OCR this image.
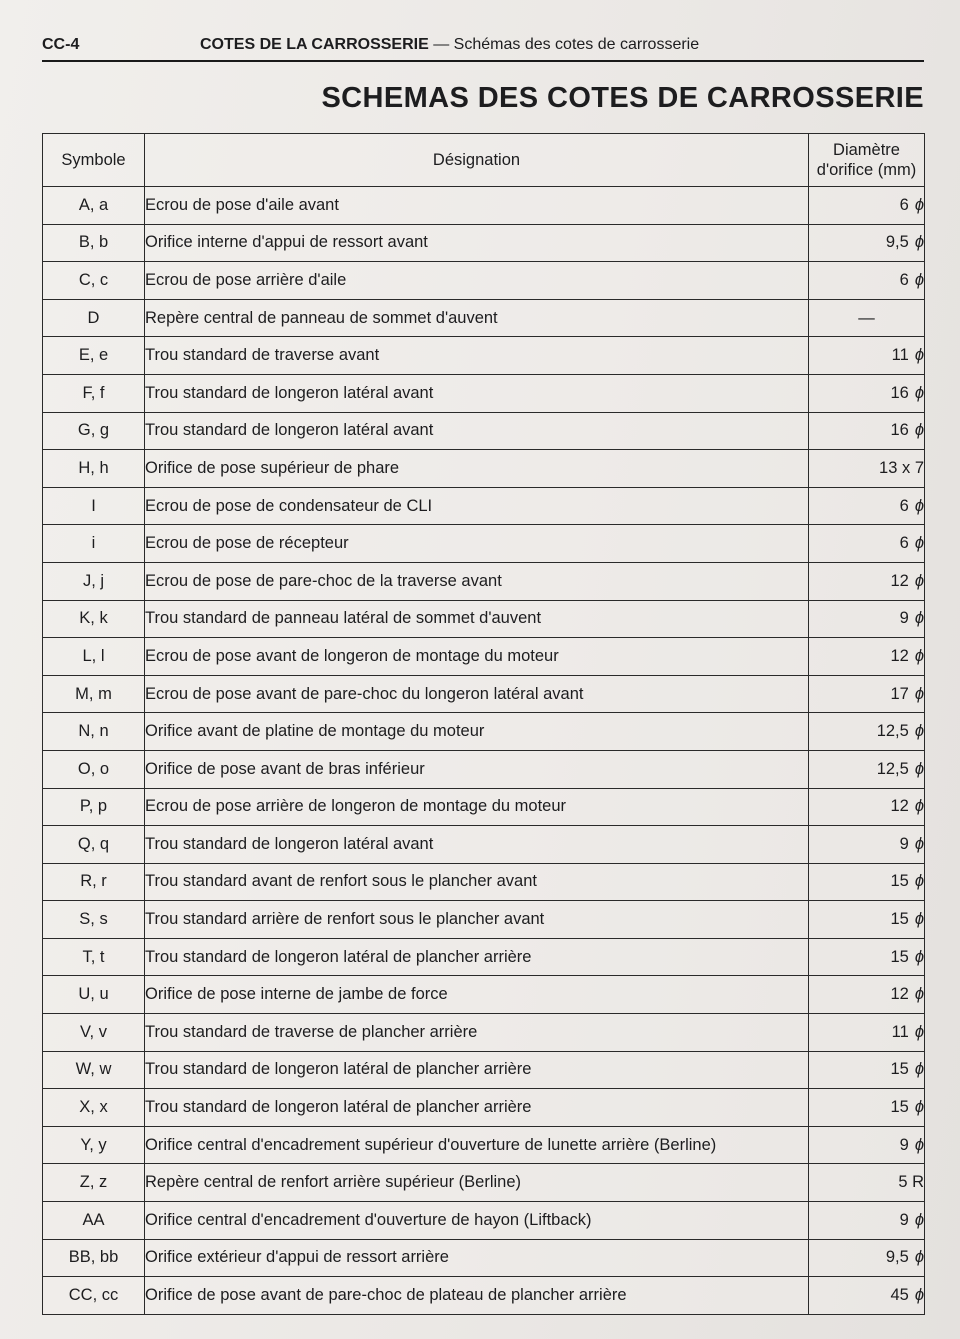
CC-4	COTES DE LA CARROSSERIE — Schémas des cotes de carrosserie
SCHEMAS DES COTES DE CARROSSERIE
Symbole	Désignation	Diamètre
d'orifice (mm)
A, a	Ecrou de pose d'aile avant	6 ϕ
B, b	Orifice interne d'appui de ressort avant	9,5 ϕ
C, c	Ecrou de pose arrière d'aile	6 ϕ
D	Repère central de panneau de sommet d'auvent	—
E, e	Trou standard de traverse avant	11 ϕ
F, f	Trou standard de longeron latéral avant	16 ϕ
G, g	Trou standard de longeron latéral avant	16 ϕ
H, h	Orifice de pose supérieur de phare	13 x 7
I	Ecrou de pose de condensateur de CLI	6 ϕ
i	Ecrou de pose de récepteur	6 ϕ
J, j	Ecrou de pose de pare-choc de la traverse avant	12 ϕ
K, k	Trou standard de panneau latéral de sommet d'auvent	9 ϕ
L, l	Ecrou de pose avant de longeron de montage du moteur	12 ϕ
M, m	Ecrou de pose avant de pare-choc du longeron latéral avant	17 ϕ
N, n	Orifice avant de platine de montage du moteur	12,5 ϕ
O, o	Orifice de pose avant de bras inférieur	12,5 ϕ
P, p	Ecrou de pose arrière de longeron de montage du moteur	12 ϕ
Q, q	Trou standard de longeron latéral avant	9 ϕ
R, r	Trou standard avant de renfort sous le plancher avant	15 ϕ
S, s	Trou standard arrière de renfort sous le plancher avant	15 ϕ
T, t	Trou standard de longeron latéral de plancher arrière	15 ϕ
U, u	Orifice de pose interne de jambe de force	12 ϕ
V, v	Trou standard de traverse de plancher arrière	11 ϕ
W, w	Trou standard de longeron latéral de plancher arrière	15 ϕ
X, x	Trou standard de longeron latéral de plancher arrière	15 ϕ
Y, y	Orifice central d'encadrement supérieur d'ouverture de lunette arrière (Berline)	9 ϕ
Z, z	Repère central de renfort arrière supérieur (Berline)	5 R
AA	Orifice central d'encadrement d'ouverture de hayon (Liftback)	9 ϕ
BB, bb	Orifice extérieur d'appui de ressort arrière	9,5 ϕ
CC, cc	Orifice de pose avant de pare-choc de plateau de plancher arrière	45 ϕ
